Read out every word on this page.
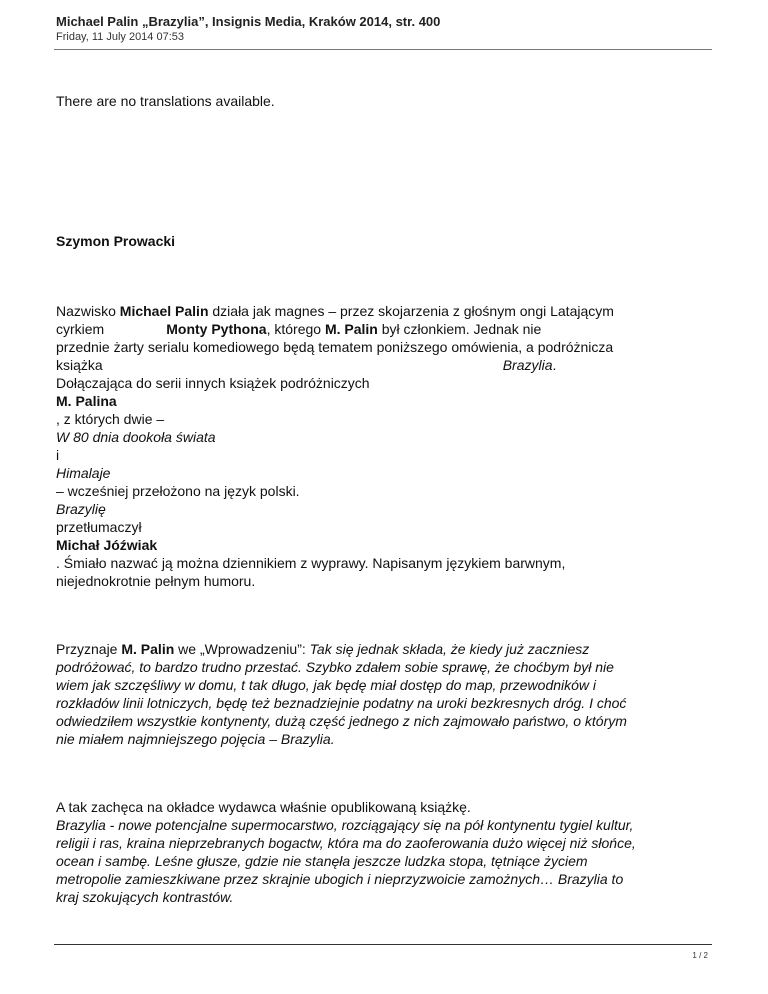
Michael Palin „Brazylia”, Insignis Media, Kraków 2014, str. 400
Friday, 11 July 2014 07:53

There are no translations available.

Szymon Prowacki

Nazwisko Michael Palin działa jak magnes – przez skojarzenia z głośnym ongi Latającym
cyrkiem	Monty Pythona, którego M. Palin był członkiem. Jednak nie
przednie żarty serialu komediowego będą tematem poniższego omówienia, a podróżnicza
książka	Brazylia.
Dołączająca do serii innych książek podróżniczych
M. Palina
, z których dwie –
W 80 dnia dookoła świata
i
Himalaje
– wcześniej przełożono na język polski.
Brazylię
przetłumaczył
Michał Jóźwiak
. Śmiało nazwać ją można dziennikiem z wyprawy. Napisanym językiem barwnym,
niejednokrotnie pełnym humoru.
Przyznaje M. Palin we „Wprowadzeniu”: Tak się jednak składa, że kiedy już zaczniesz
podróżować, to bardzo trudno przestać. Szybko zdałem sobie sprawę, że choćbym był nie
wiem jak szczęśliwy w domu, t tak długo, jak będę miał dostęp do map, przewodników i
rozkładów linii lotniczych, będę też beznadziejnie podatny na uroki bezkresnych dróg. I choć
odwiedziłem wszystkie kontynenty, dużą część jednego z nich zajmowało państwo, o którym
nie miałem najmniejszego pojęcia – Brazylia.
A tak zachęca na okładce wydawca właśnie opublikowaną książkę.
Brazylia - nowe potencjalne supermocarstwo, rozciągający się na pół kontynentu tygiel kultur,
religii i ras, kraina nieprzebranych bogactw, która ma do zaoferowania dużo więcej niż słońce,
ocean i sambę. Leśne głusze, gdzie nie stanęła jeszcze ludzka stopa, tętniące życiem
metropolie zamieszkiwane przez skrajnie ubogich i nieprzyzwoicie zamożnych… Brazylia to
kraj szokujących kontrastów.
1 / 2
